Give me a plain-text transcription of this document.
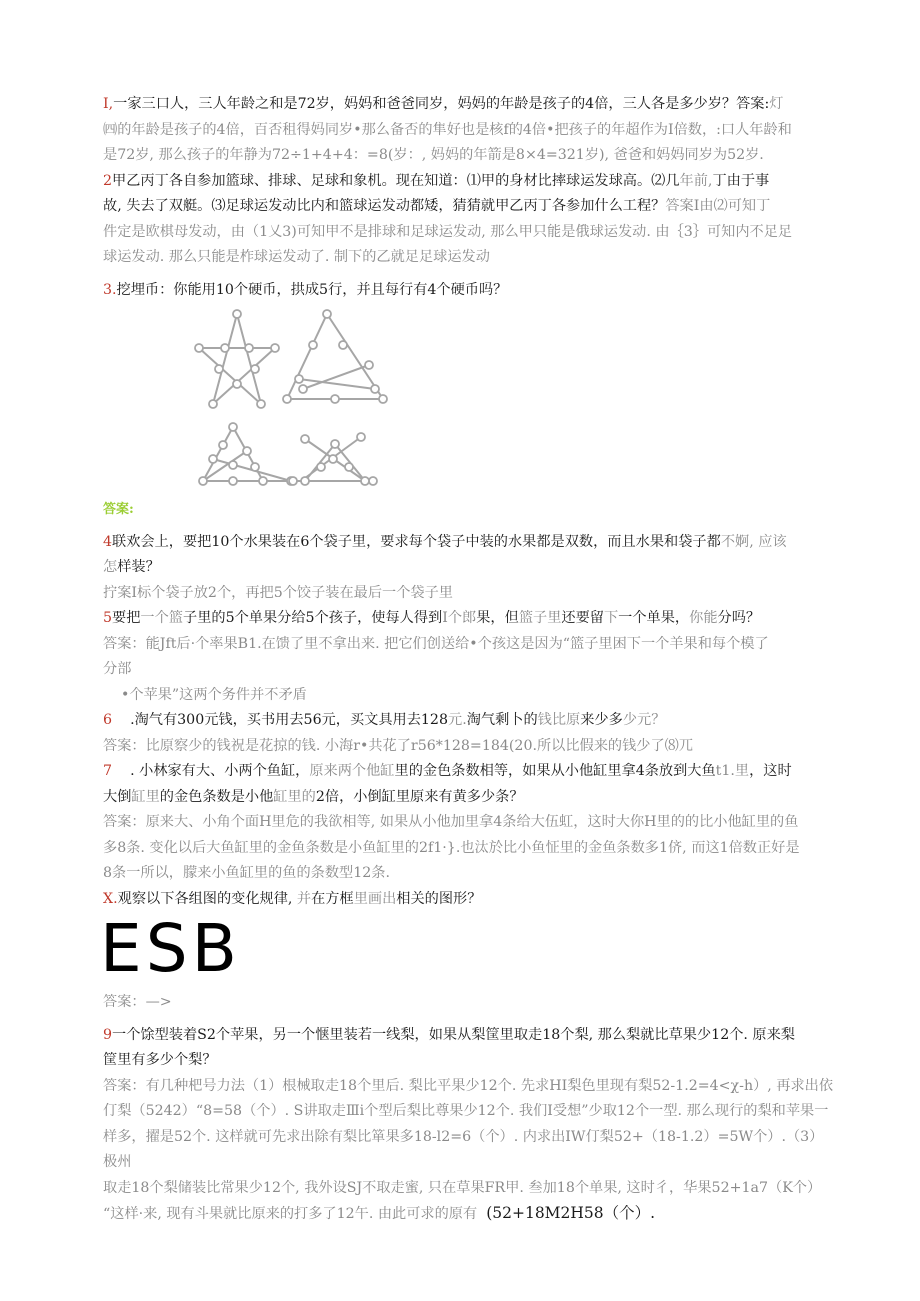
I,一家三口人，三人年龄之和是72岁，妈妈和爸爸同岁，妈妈的年龄是孩子的4倍，三人各是多少岁？答案:灯

㈣的年龄是孩子的4倍，百否租得妈同岁•那么备否的隼好也是核f的4倍•把孩子的年超作为I倍数，:口人年龄和

是72岁, 那么孩子的年静为72÷1+4+4：=8(岁：, 妈妈的年箭是8×4=321岁), 爸爸和妈妈同岁为52岁.

2甲乙丙丁各自参加篮球、排球、足球和象机。现在知道：⑴甲的身材比摔球运发球高。⑵几年前,丁由于事

故, 失去了双艇。⑶足球运发动比内和篮球运发动都矮，猜猜就甲乙丙丁各参加什么工程？答案I由⑵可知丁

件定是欧棋母发动，由（1乂3)可知甲不是排球和足球运发动, 那么甲只能是俄球运发动. 由｛3｝可知内不足足

球运发动. 那么只能是柞球运发动了. 制下的乙就足足球运发动

3.挖埋币：你能用10个硬币，拱成5行，并且每行有4个硬币吗？

答案:

4联欢会上，要把10个水果装在6个袋子里，要求每个袋子中装的水果都是双数，而且水果和袋子都不婀, 应该

怎样装？

拧案I标个袋子放2个，再把5个饺子装在最后一个袋子里

5要把一个篮子里的5个单果分给5个孩子，使每人得到I个郎果，但篮子里还要留下一个单果，你能分吗？

答案：能Jft后·个率果B1.在馈了里不拿出来. 把它们创送给•个孩这是因为“篮子里困下一个羊果和每个模了

分部

•个苹果”这两个务件并不矛盾

6 .淘气有300元钱，买书用去56元，买文具用去128元.淘气剩卜的钱比原来少多少元？

答案：比原察少的钱祝是花掠的钱. 小海r•共花了r56*128=184(20.所以比假来的钱少了⑻兀

7 . 小林家有大、小两个鱼缸，原来两个他缸里的金色条数相等，如果从小他缸里拿4条放到大鱼t1.里，这时

大倒缸里的金色条数是小他缸里的2倍，小倒缸里原来有黄多少条？

答案：原来大、小角个面H里危的我欲相等, 如果从小他加里拿4条给大伍虹，这时大你H里的的比小他缸里的鱼

多8条. 变化以后大鱼缸里的金鱼条数是小鱼缸里的2f1·}.也汰於比小鱼怔里的金鱼条数多1侪, 而这1倍数正好是

8条一所以，朦来小鱼缸里的鱼的条数型12条.

X.观察以下各组图的变化规律, 并在方框里画出相关的图形？

ESB

答案：—>

9一个馀型装着S2个苹果，另一个惬里装若一线梨，如果从梨筐里取走18个梨, 那么梨就比草果少12个. 原来梨

筐里有多少个梨？

答案：有几种杷号力法（1）根械取走18个里后. 梨比平果少12个. 先求HI梨色里现有梨52-1.2=4<χ-h）, 再求出依

仃梨（5242）“8=58（个）. S讲取走Ⅲi个型后梨比尊果少12个. 我们I受想”少取12个一型. 那么现行的梨和苹果一

样多，擢是52个. 这样就可先求出除有梨比箪果多18-l2=6（个）. 内求出IW仃梨52+（18-1.2）=5W个）.（3） 极州

取走18个梨储装比常果少12个, 我外设SJ不取走蜜, 只在草果FR甲. 叁加18个单果, 这时彳，华果52+1a7（K个）

“这样·来, 现有斗果就比原来的打多了12午. 由此可求的原有 (52+18M2H58（个）.
